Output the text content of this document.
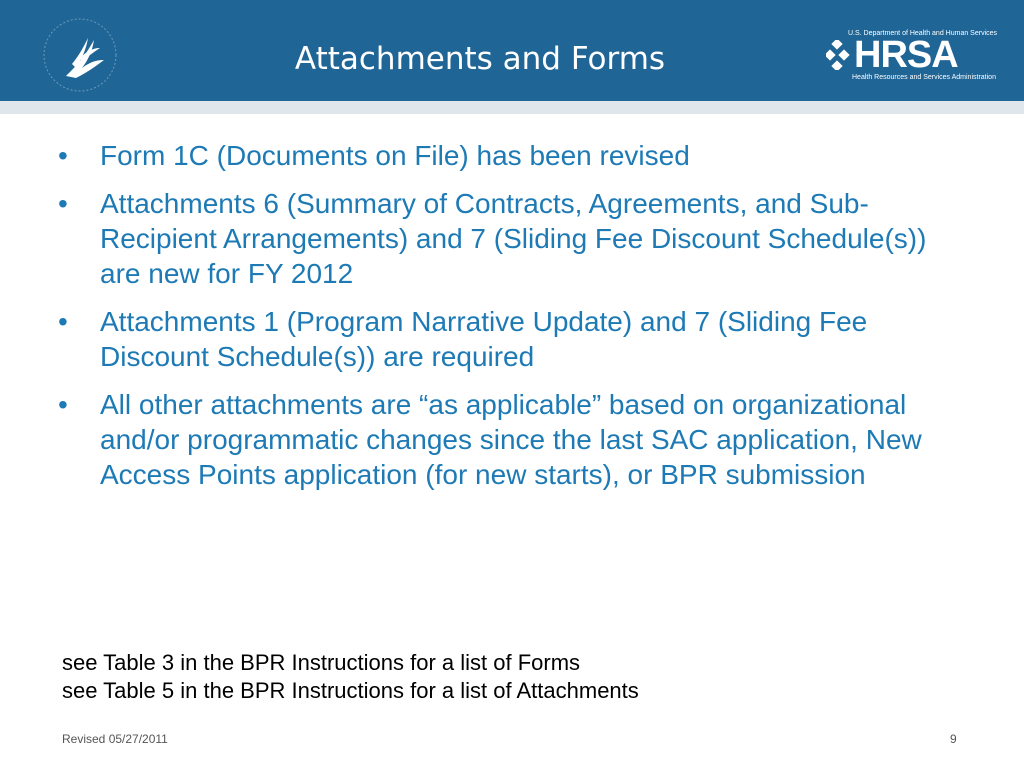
Attachments and Forms
U.S. Department of Health and Human Services
HRSA
Health Resources and Services Administration
•	Form 1C (Documents on File) has been revised
•	Attachments 6 (Summary of Contracts, Agreements, and Sub-Recipient Arrangements) and 7 (Sliding Fee Discount Schedule(s)) are new for FY 2012
•	Attachments 1 (Program Narrative Update) and 7 (Sliding Fee Discount Schedule(s)) are required
•	All other attachments are “as applicable” based on organizational and/or programmatic changes since the last SAC application, New Access Points application (for new starts), or BPR submission
see Table 3 in the BPR Instructions for a list of Forms
see Table 5 in the BPR Instructions for a list of Attachments
Revised 05/27/2011	9
